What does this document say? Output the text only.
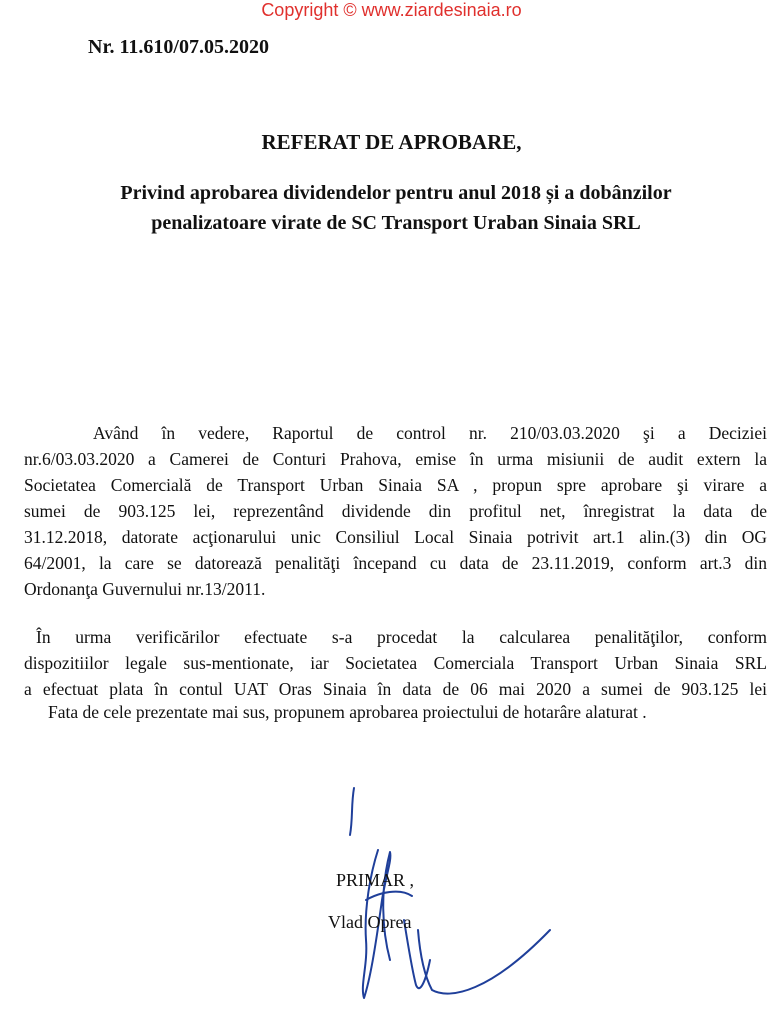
Copyright © www.ziardesinaia.ro
Nr. 11.610/07.05.2020
REFERAT DE APROBARE,
Privind aprobarea dividendelor pentru anul 2018 și a dobânzilor
penalizatoare virate de SC Transport Uraban Sinaia SRL
Având în vedere, Raportul de control nr. 210/03.03.2020 şi a Deciziei
nr.6/03.03.2020 a Camerei de Conturi Prahova, emise în urma misiunii de audit extern la
Societatea Comercială de Transport Urban Sinaia SA , propun spre aprobare şi virare a
sumei de 903.125 lei, reprezentând dividende din profitul net, înregistrat la data de
31.12.2018, datorate acţionarului unic Consiliul Local Sinaia potrivit art.1 alin.(3) din OG
64/2001, la care se datorează penalităţi începand cu data de 23.11.2019, conform art.3 din
Ordonanţa Guvernului nr.13/2011.
În urma verificărilor efectuate s-a procedat la calcularea penalităţilor, conform
dispozitiilor legale sus-mentionate, iar Societatea Comerciala Transport Urban Sinaia SRL
a efectuat plata în contul UAT Oras Sinaia în data de 06 mai 2020 a sumei de 903.125 lei
Fata de cele prezentate mai sus, propunem aprobarea proiectului de hotarâre alaturat .
PRIMAR ,
Vlad Oprea
